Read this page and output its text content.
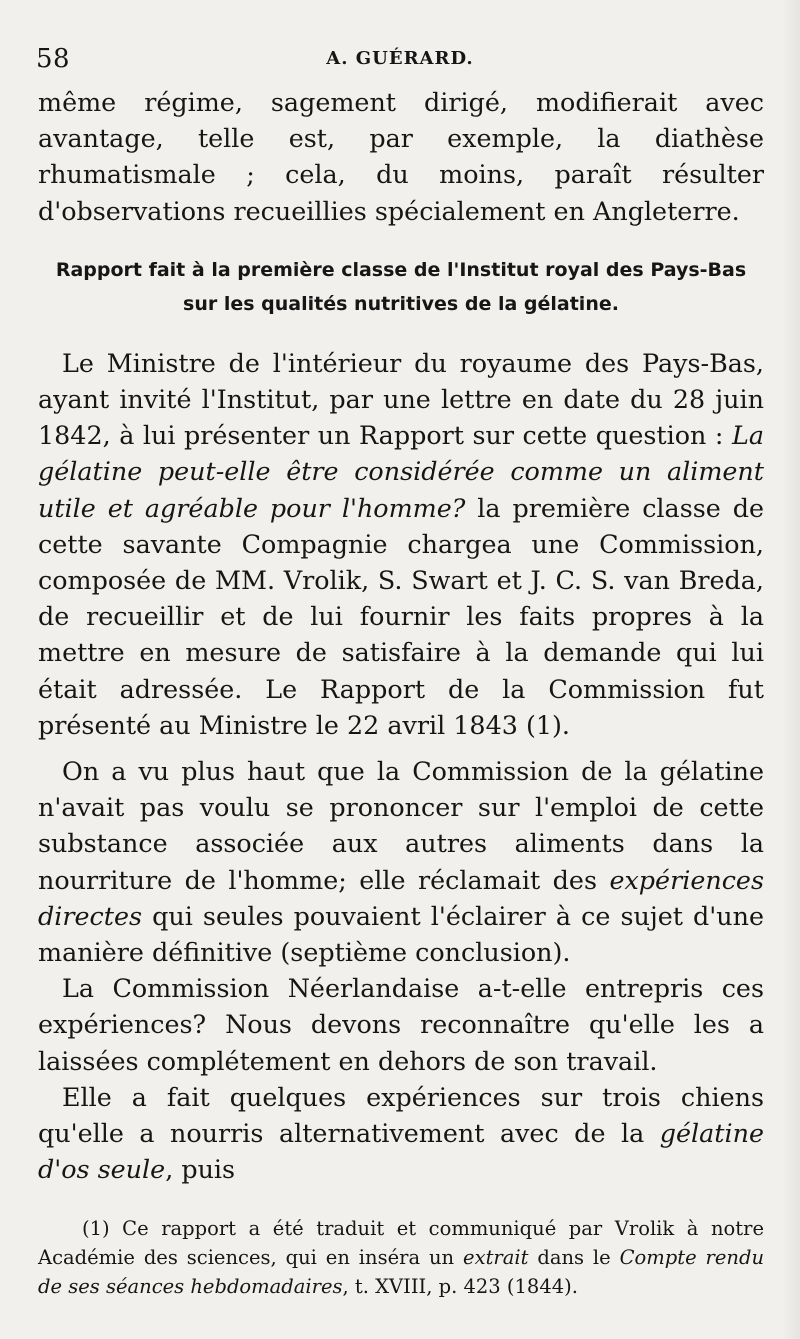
58	A. GUÉRARD.

même régime, sagement dirigé, modifierait avec avantage, telle est, par exemple, la diathèse rhumatismale ; cela, du moins, paraît résulter d'observations recueillies spécialement en Angleterre.

Rapport fait à la première classe de l'Institut royal des Pays-Bas sur les qualités nutritives de la gélatine.

Le Ministre de l'intérieur du royaume des Pays-Bas, ayant invité l'Institut, par une lettre en date du 28 juin 1842, à lui présenter un Rapport sur cette question : La gélatine peut-elle être considérée comme un aliment utile et agréable pour l'homme? la première classe de cette savante Compagnie chargea une Commission, composée de MM. Vrolik, S. Swart et J. C. S. van Breda, de recueillir et de lui fournir les faits propres à la mettre en mesure de satisfaire à la demande qui lui était adressée. Le Rapport de la Commission fut présenté au Ministre le 22 avril 1843 (1).

On a vu plus haut que la Commission de la gélatine n'avait pas voulu se prononcer sur l'emploi de cette substance associée aux autres aliments dans la nourriture de l'homme; elle réclamait des expériences directes qui seules pouvaient l'éclairer à ce sujet d'une manière définitive (septième conclusion).

La Commission Néerlandaise a-t-elle entrepris ces expériences? Nous devons reconnaître qu'elle les a laissées complétement en dehors de son travail.

Elle a fait quelques expériences sur trois chiens qu'elle a nourris alternativement avec de la gélatine d'os seule, puis

(1) Ce rapport a été traduit et communiqué par Vrolik à notre Académie des sciences, qui en inséra un extrait dans le Compte rendu de ses séances hebdomadaires, t. XVIII, p. 423 (1844).
